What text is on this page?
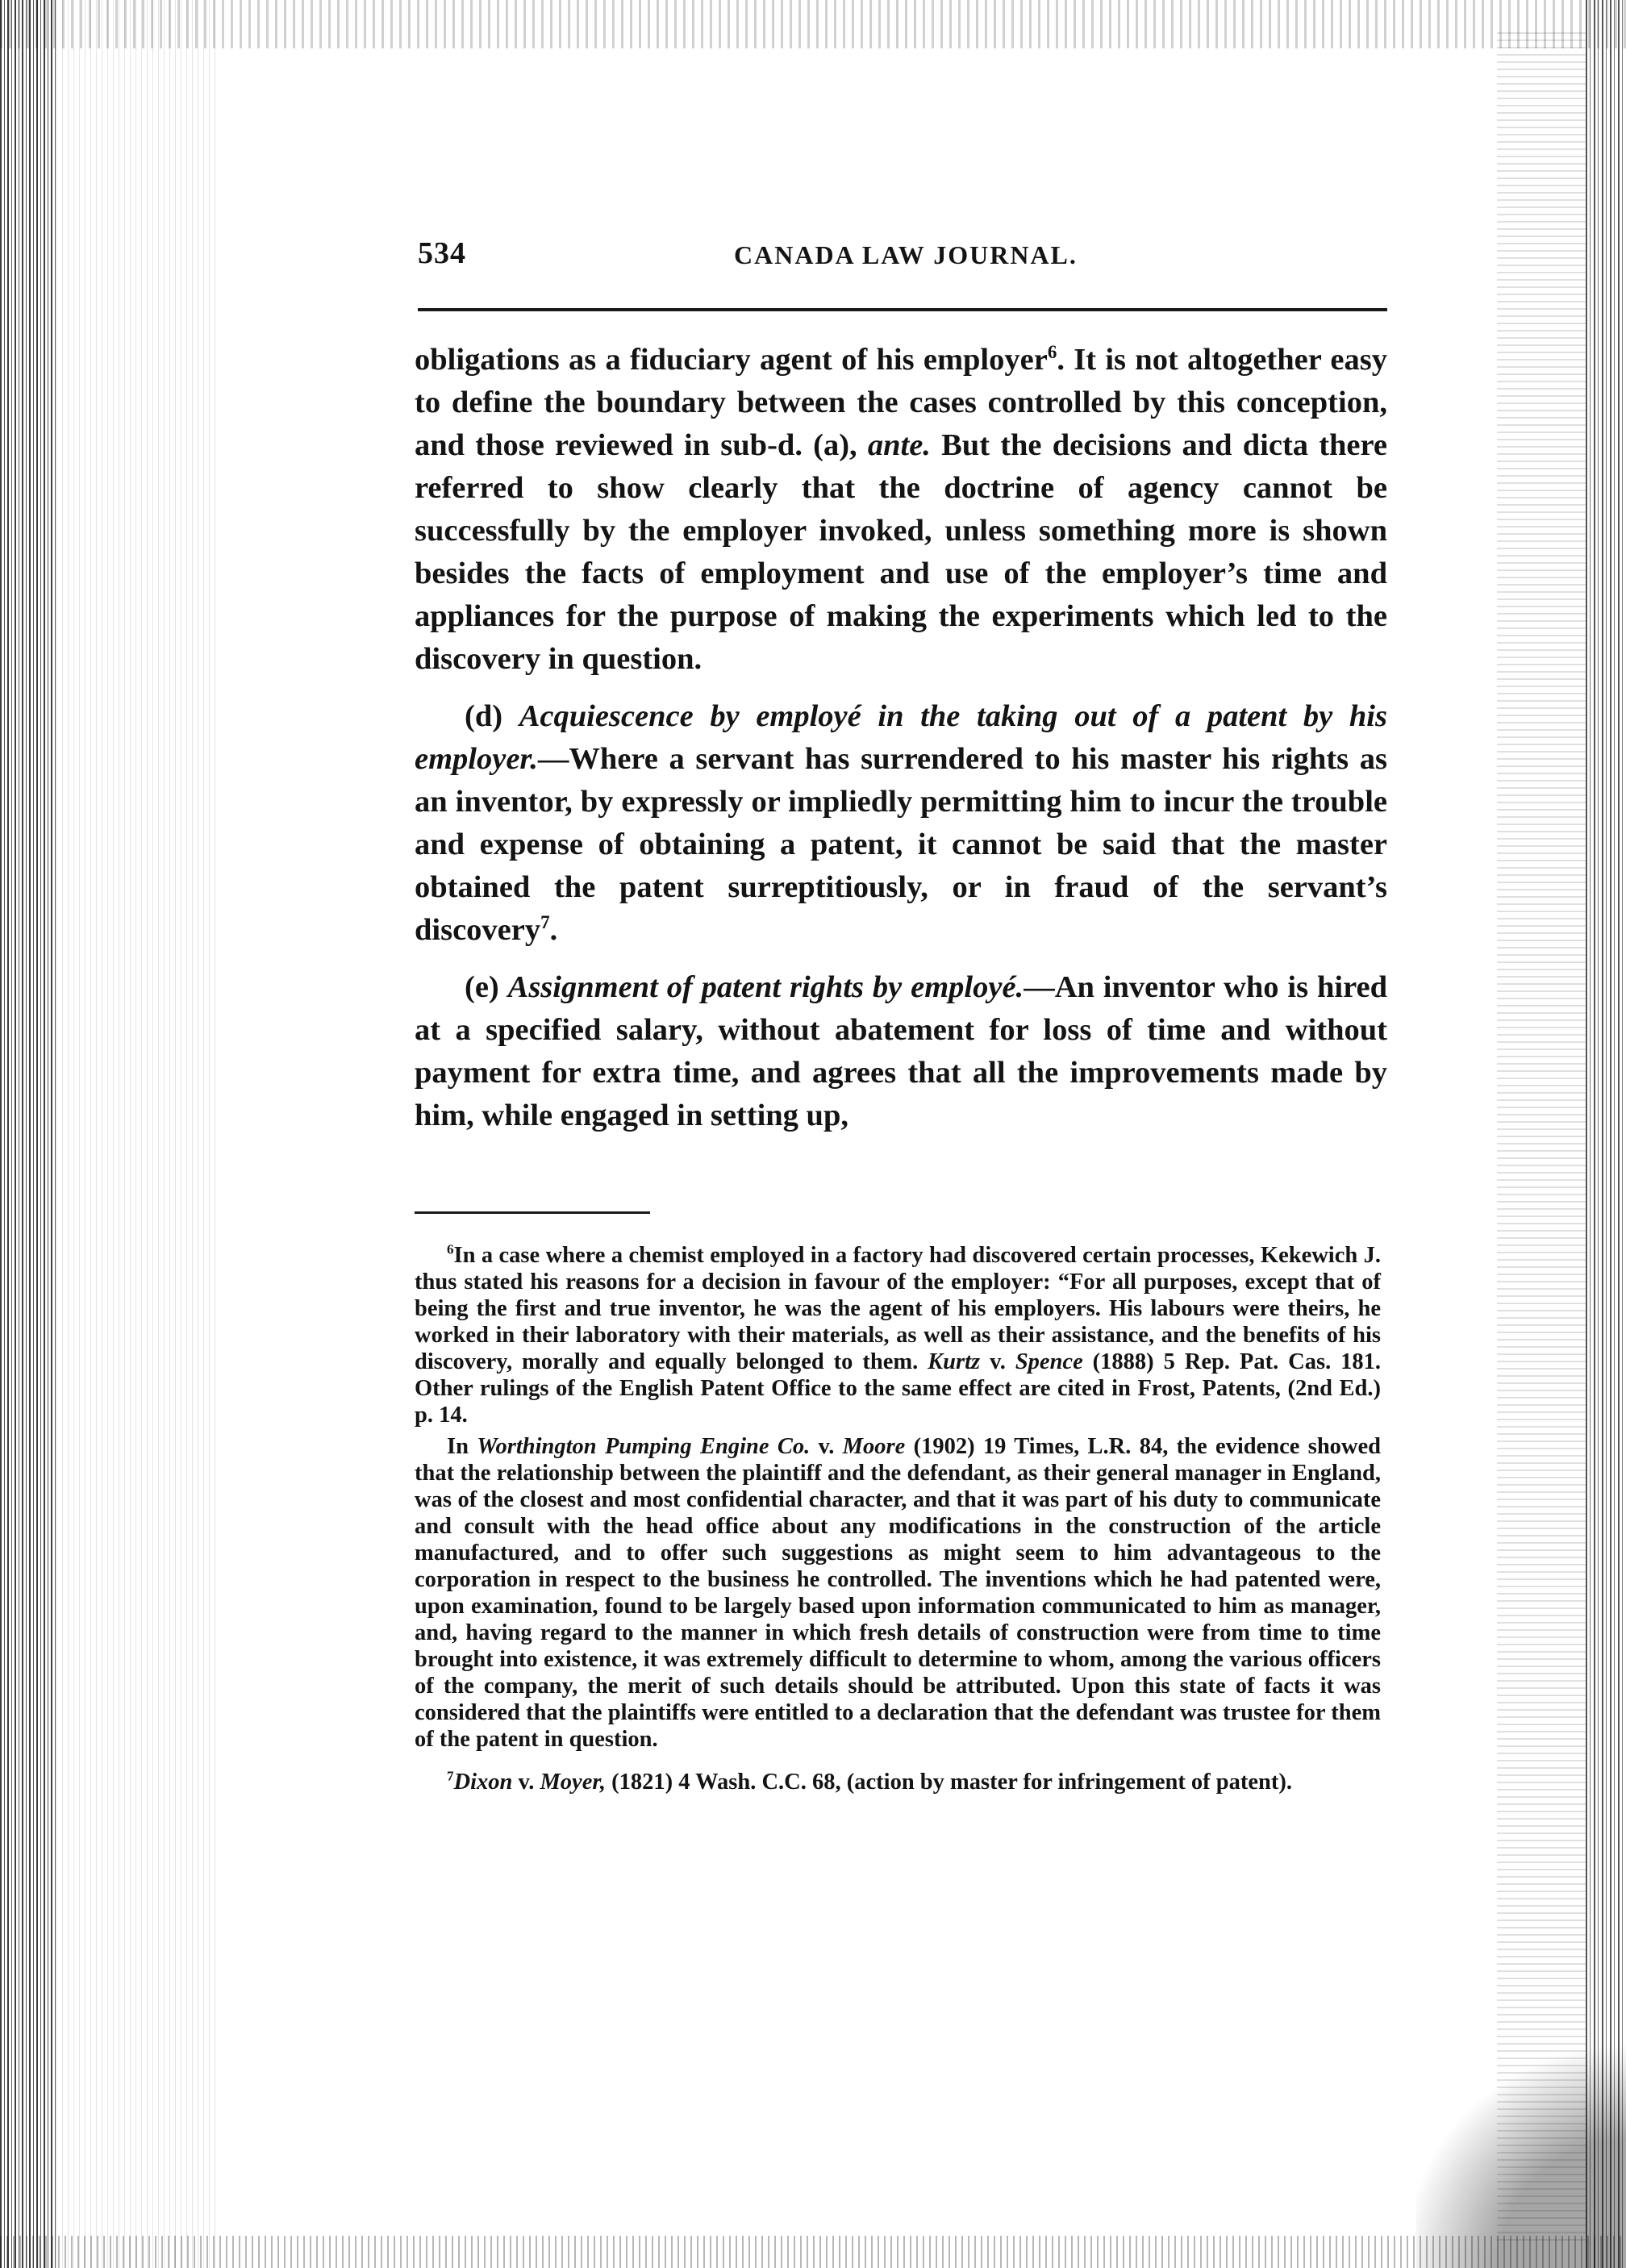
534	CANADA LAW JOURNAL.

obligations as a fiduciary agent of his employer$^6$. It is not altogether easy to define the boundary between the cases controlled by this conception, and those reviewed in sub-d. (a), ante. But the decisions and dicta there referred to show clearly that the doctrine of agency cannot be successfully by the employer invoked, unless something more is shown besides the facts of employment and use of the employer’s time and appliances for the purpose of making the experiments which led to the discovery in question.

(d) Acquiescence by employé in the taking out of a patent by his employer.—Where a servant has surrendered to his master his rights as an inventor, by expressly or impliedly permitting him to incur the trouble and expense of obtaining a patent, it cannot be said that the master obtained the patent surreptitiously, or in fraud of the servant’s discovery$^7$.

(e) Assignment of patent rights by employé.—An inventor who is hired at a specified salary, without abatement for loss of time and without payment for extra time, and agrees that all the improvements made by him, while engaged in setting up,

$^6$In a case where a chemist employed in a factory had discovered certain processes, Kekewich J. thus stated his reasons for a decision in favour of the employer: “For all purposes, except that of being the first and true inventor, he was the agent of his employers. His labours were theirs, he worked in their laboratory with their materials, as well as their assistance, and the benefits of his discovery, morally and equally belonged to them. Kurtz v. Spence (1888) 5 Rep. Pat. Cas. 181. Other rulings of the English Patent Office to the same effect are cited in Frost, Patents, (2nd Ed.) p. 14.

In Worthington Pumping Engine Co. v. Moore (1902) 19 Times, L.R. 84, the evidence showed that the relationship between the plaintiff and the defendant, as their general manager in England, was of the closest and most confidential character, and that it was part of his duty to communicate and consult with the head office about any modifications in the construction of the article manufactured, and to offer such suggestions as might seem to him advantageous to the corporation in respect to the business he controlled. The inventions which he had patented were, upon examination, found to be largely based upon information communicated to him as manager, and, having regard to the manner in which fresh details of construction were from time to time brought into existence, it was extremely difficult to determine to whom, among the various officers of the company, the merit of such details should be attributed. Upon this state of facts it was considered that the plaintiffs were entitled to a declaration that the defendant was trustee for them of the patent in question.

$^7$Dixon v. Moyer, (1821) 4 Wash. C.C. 68, (action by master for infringement of patent).
